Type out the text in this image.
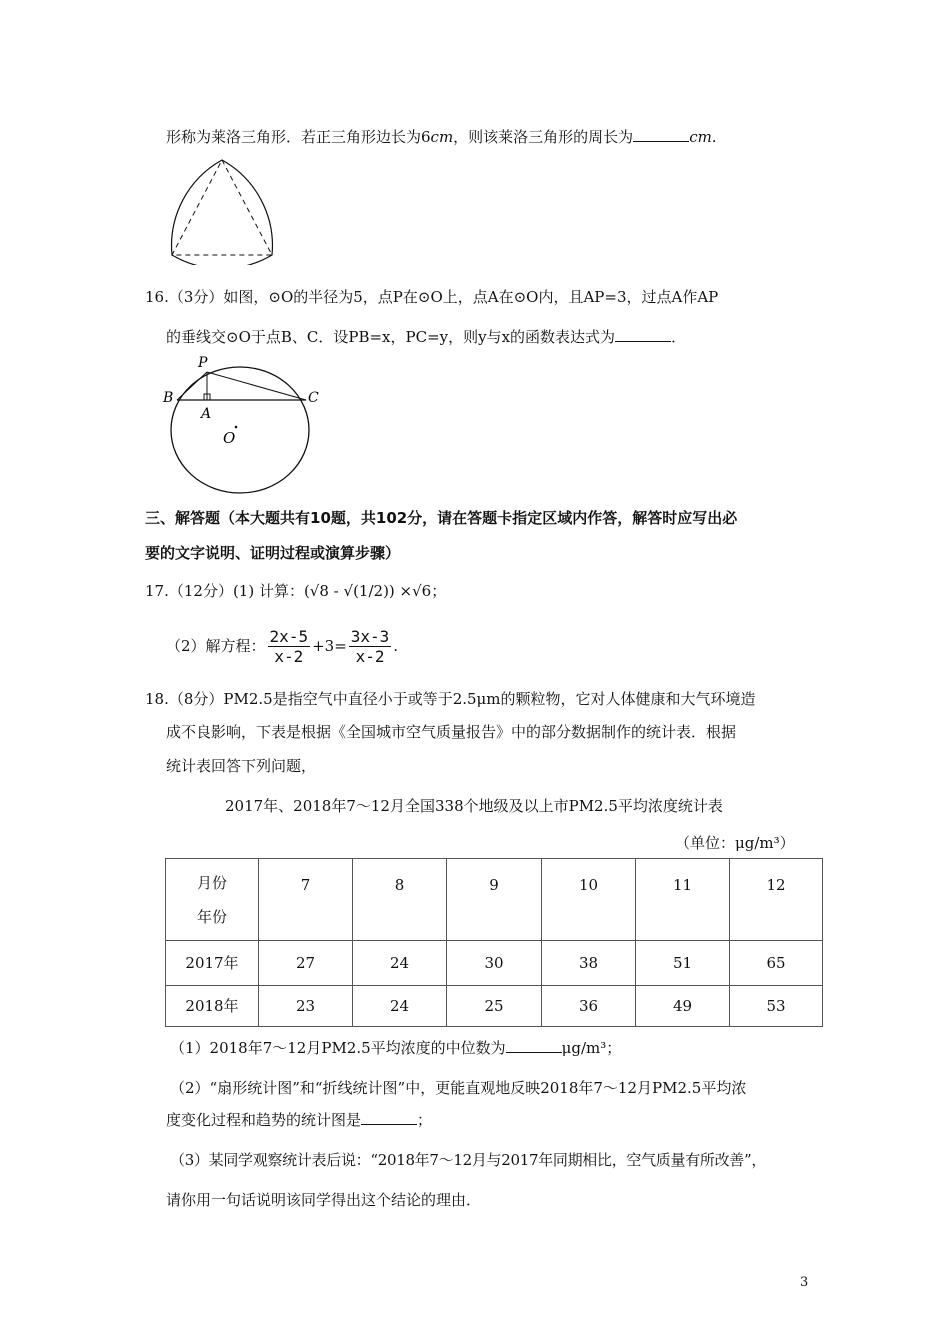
形称为莱洛三角形．若正三角形边长为6cm，则该莱洛三角形的周长为	cm.
16.（3分）如图，⊙O的半径为5，点P在⊙O上，点A在⊙O内，且AP=3，过点A作AP
的垂线交⊙O于点B、C．设PB=x，PC=y，则y与x的函数表达式为	．
P
B	C
A
O
三、解答题（本大题共有10题，共102分，请在答题卡指定区域内作答，解答时应写出必
要的文字说明、证明过程或演算步骤）
17.（12分）(1) 计算：(√8 - √(1/2)) ×√6；
（2）解方程： $\frac{2x-5}{x-2} +3= \frac{3x-3}{x-2}$ .
18.（8分）PM2.5是指空气中直径小于或等于2.5μm的颗粒物，它对人体健康和大气环境造
成不良影响，下表是根据《全国城市空气质量报告》中的部分数据制作的统计表．根据
统计表回答下列问题，
2017年、2018年7～12月全国338个地级及以上市PM2.5平均浓度统计表
（单位：μg/m³）
月份
年份	7	8	9	10	11	12
2017年	27	24	30	38	51	65
2018年	23	24	25	36	49	53
（1）2018年7～12月PM2.5平均浓度的中位数为	μg/m³；
（2）“扇形统计图”和“折线统计图”中，更能直观地反映2018年7～12月PM2.5平均浓
度变化过程和趋势的统计图是	；
（3）某同学观察统计表后说：“2018年7～12月与2017年同期相比，空气质量有所改善”，
请你用一句话说明该同学得出这个结论的理由．
3
